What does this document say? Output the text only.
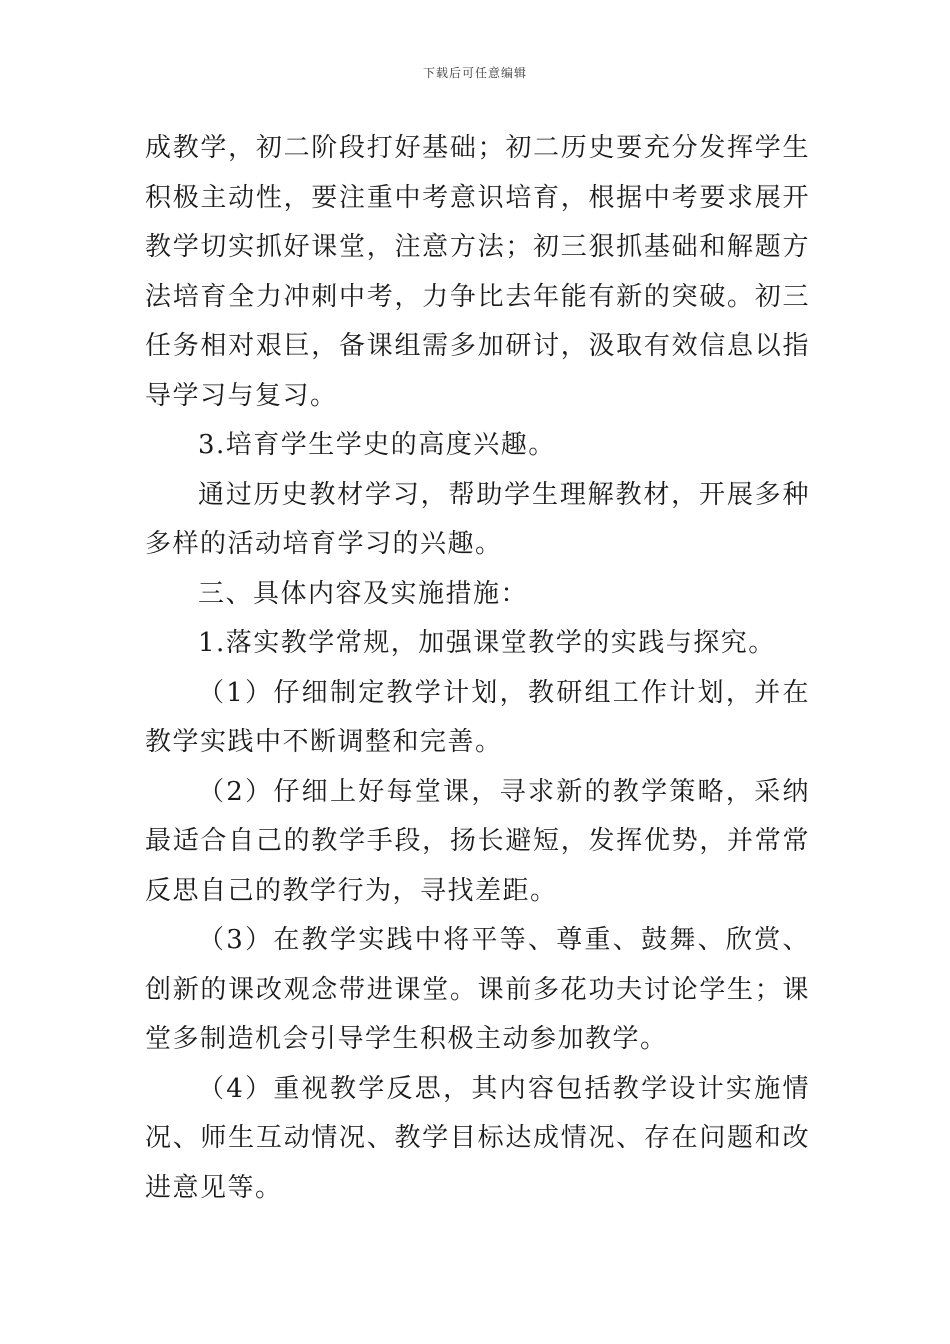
下载后可任意编辑

成教学，初二阶段打好基础；初二历史要充分发挥学生积极主动性，要注重中考意识培育，根据中考要求展开教学切实抓好课堂，注意方法；初三狠抓基础和解题方法培育全力冲刺中考，力争比去年能有新的突破。初三任务相对艰巨，备课组需多加研讨，汲取有效信息以指导学习与复习。

3.培育学生学史的高度兴趣。

通过历史教材学习，帮助学生理解教材，开展多种多样的活动培育学习的兴趣。

三、具体内容及实施措施：

1.落实教学常规，加强课堂教学的实践与探究。

（1）仔细制定教学计划，教研组工作计划，并在教学实践中不断调整和完善。

（2）仔细上好每堂课，寻求新的教学策略，采纳最适合自己的教学手段，扬长避短，发挥优势，并常常反思自己的教学行为，寻找差距。

（3）在教学实践中将平等、尊重、鼓舞、欣赏、创新的课改观念带进课堂。课前多花功夫讨论学生；课堂多制造机会引导学生积极主动参加教学。

（4）重视教学反思，其内容包括教学设计实施情况、师生互动情况、教学目标达成情况、存在问题和改进意见等。
